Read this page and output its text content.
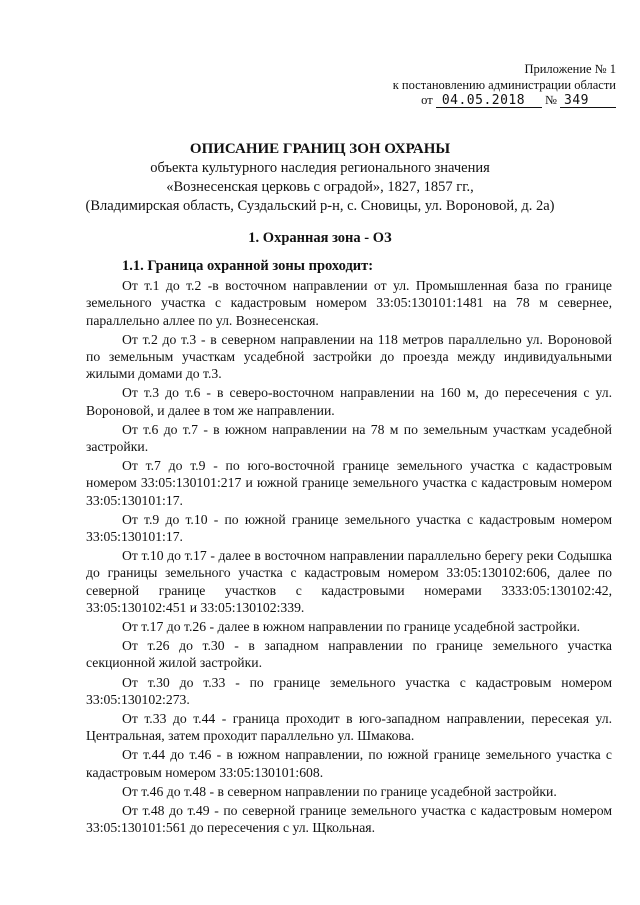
Приложение № 1
к постановлению администрации области
от 04.05.2018 № 349
ОПИСАНИЕ ГРАНИЦ ЗОН ОХРАНЫ
объекта культурного наследия регионального значения
«Вознесенская церковь с оградой», 1827, 1857 гг.,
(Владимирская область, Суздальский р-н, с. Сновицы, ул. Вороновой, д. 2а)
1. Охранная зона - ОЗ

1.1. Граница охранной зоны проходит:

От т.1 до т.2 -в восточном направлении от ул. Промышленная база по границе земельного участка с кадастровым номером 33:05:130101:1481 на 78 м севернее, параллельно аллее по ул. Вознесенская.

От т.2 до т.3 - в северном направлении на 118 метров параллельно ул. Вороновой по земельным участкам усадебной застройки до проезда между индивидуальными жилыми домами до т.3.

От т.3 до т.6 - в северо-восточном направлении на 160 м, до пересечения с ул. Вороновой, и далее в том же направлении.

От т.6 до т.7 - в южном направлении на 78 м по земельным участкам усадебной застройки.

От т.7 до т.9 - по юго-восточной границе земельного участка с кадастровым номером 33:05:130101:217 и южной границе земельного участка с кадастровым номером 33:05:130101:17.

От т.9 до т.10 - по южной границе земельного участка с кадастровым номером 33:05:130101:17.

От т.10 до т.17 - далее в восточном направлении параллельно берегу реки Содышка до границы земельного участка с кадастровым номером 33:05:130102:606, далее по северной границе участков с кадастровыми номерами 3333:05:130102:42, 33:05:130102:451 и 33:05:130102:339.

От т.17 до т.26 - далее в южном направлении по границе усадебной застройки.

От т.26 до т.30 - в западном направлении по границе земельного участка секционной жилой застройки.

От т.30 до т.33 - по границе земельного участка с кадастровым номером 33:05:130102:273.

От т.33 до т.44 - граница проходит в юго-западном направлении, пересекая ул. Центральная, затем проходит параллельно ул. Шмакова.

От т.44 до т.46 - в южном направлении, по южной границе земельного участка с кадастровым номером 33:05:130101:608.

От т.46 до т.48 - в северном направлении по границе усадебной застройки.

От т.48 до т.49 - по северной границе земельного участка с кадастровым номером 33:05:130101:561 до пересечения с ул. Щкольная.
